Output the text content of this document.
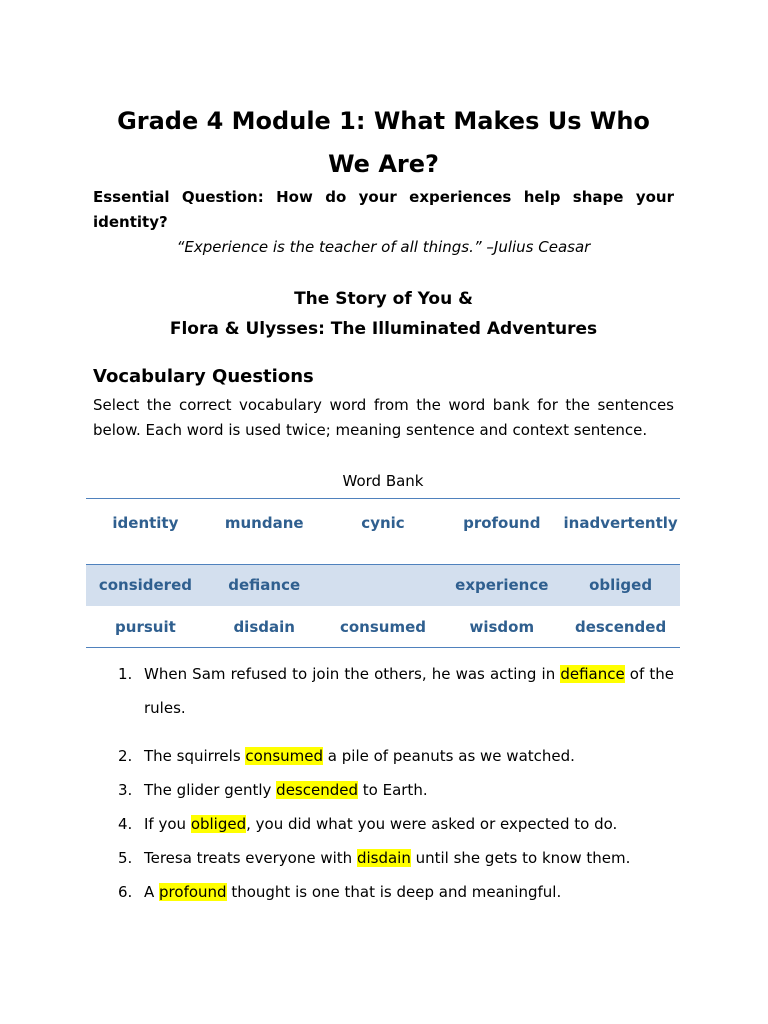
Grade 4 Module 1: What Makes Us Who We Are?

Essential Question: How do your experiences help shape your identity?

“Experience is the teacher of all things.” –Julius Ceasar

The Story of You &
Flora & Ulysses: The Illuminated Adventures
Vocabulary Questions

Select the correct vocabulary word from the word bank for the sentences below. Each word is used twice; meaning sentence and context sentence.

Word Bank
identity	mundane	cynic	profound	inadvertently
considered	defiance		experience	obliged
pursuit	disdain	consumed	wisdom	descended
1. When Sam refused to join the others, he was acting in defiance of the rules.
2. The squirrels consumed a pile of peanuts as we watched.
3. The glider gently descended to Earth.
4. If you obliged, you did what you were asked or expected to do.
5. Teresa treats everyone with disdain until she gets to know them.
6. A profound thought is one that is deep and meaningful.
